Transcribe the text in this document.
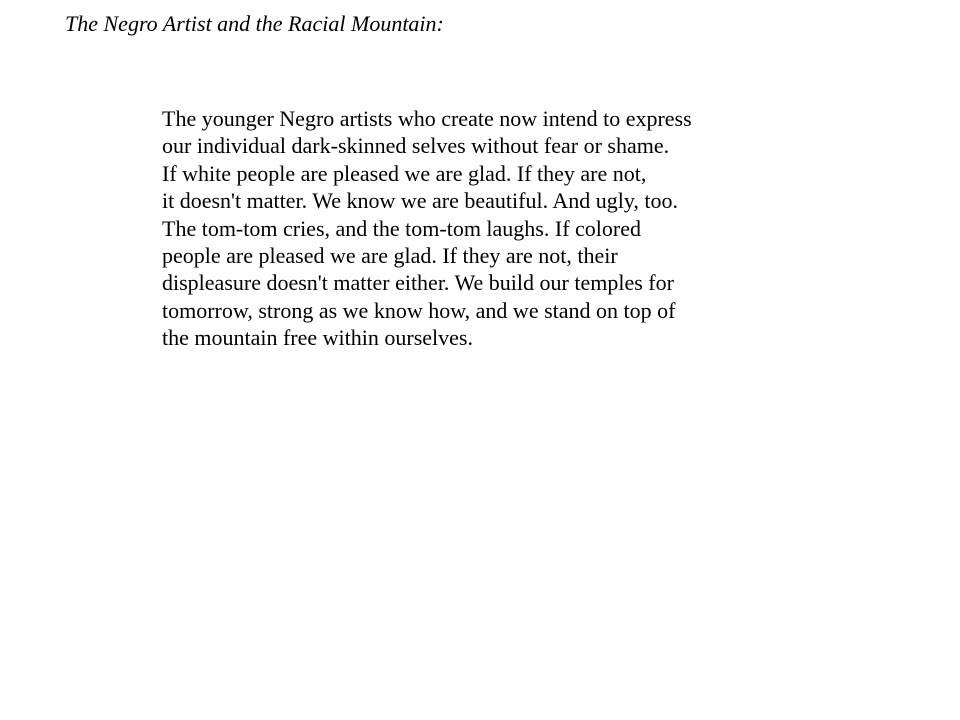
The Negro Artist and the Racial Mountain:
The younger Negro artists who create now intend to express
our individual dark-skinned selves without fear or shame.
If white people are pleased we are glad. If they are not,
it doesn't matter. We know we are beautiful. And ugly, too.
The tom-tom cries, and the tom-tom laughs. If colored
people are pleased we are glad. If they are not, their
displeasure doesn't matter either. We build our temples for
tomorrow, strong as we know how, and we stand on top of
the mountain free within ourselves.
